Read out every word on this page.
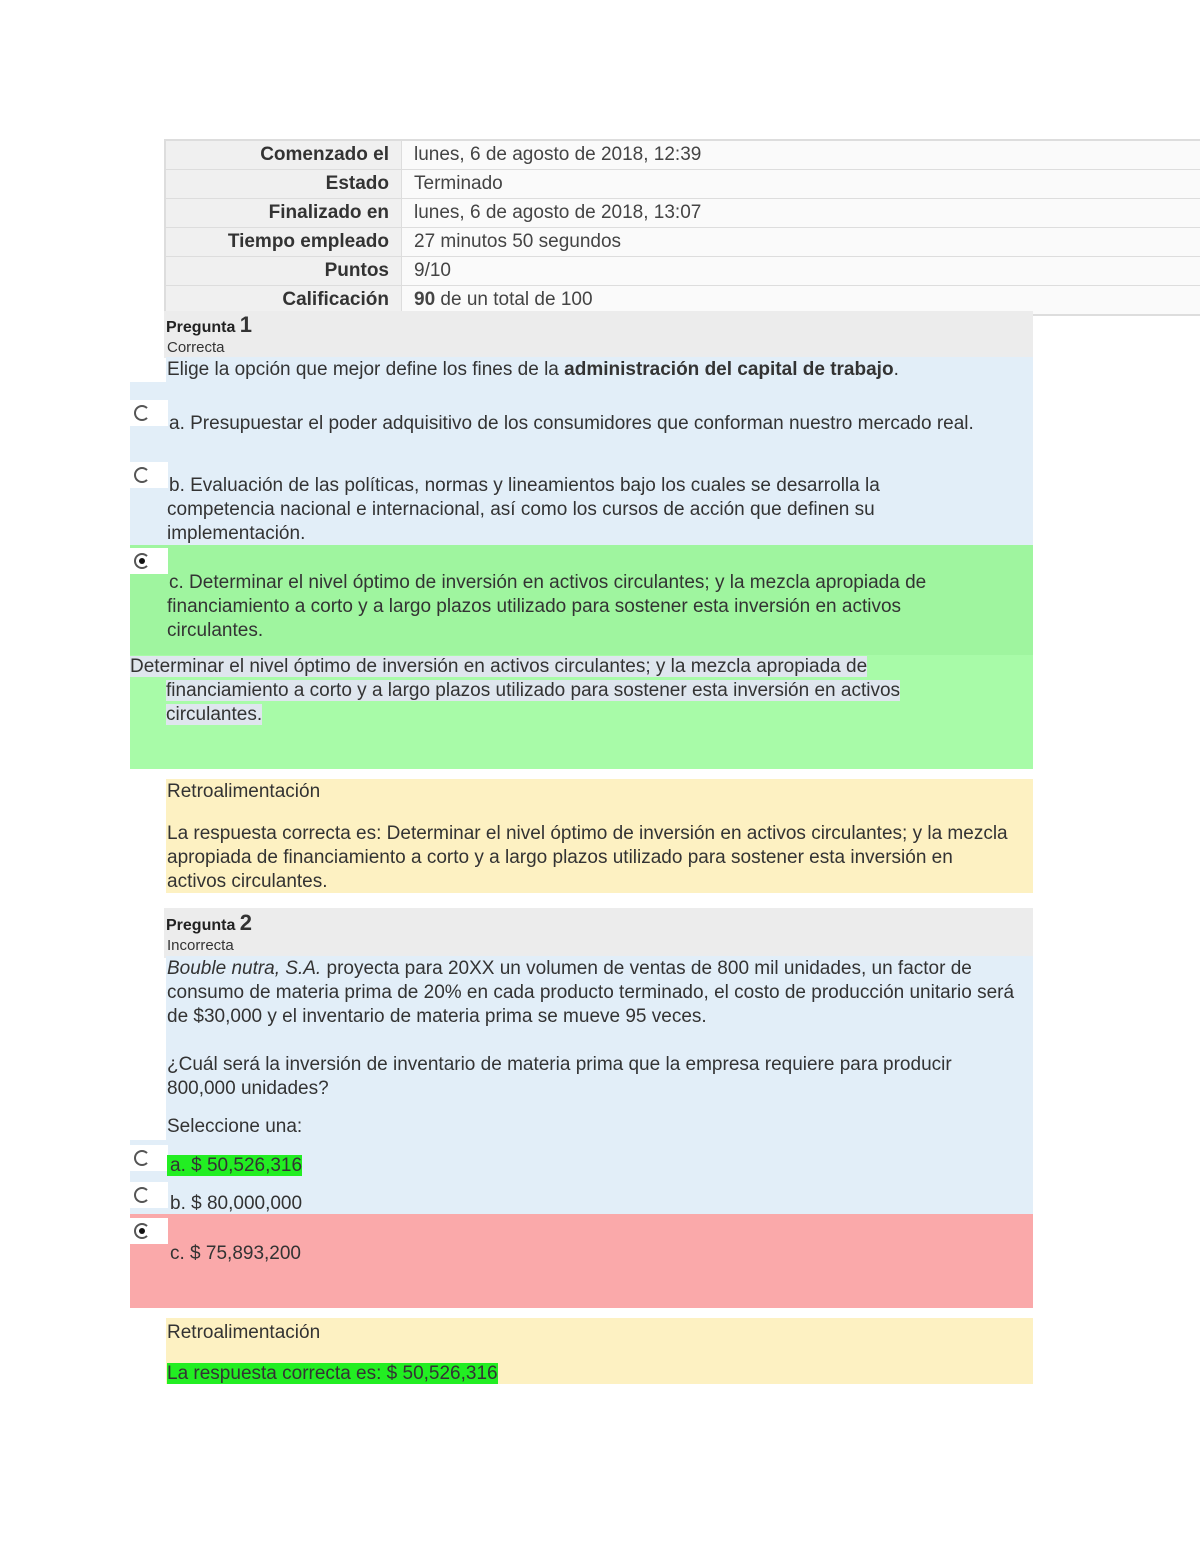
Comenzado el	lunes, 6 de agosto de 2018, 12:39
Estado	Terminado
Finalizado en	lunes, 6 de agosto de 2018, 13:07
Tiempo empleado	27 minutos 50 segundos
Puntos	9/10
Calificación	90 de un total de 100
Pregunta 1
Correcta
Elige la opción que mejor define los fines de la administración del capital de trabajo.
a. Presupuestar el poder adquisitivo de los consumidores que conforman nuestro mercado real.
b. Evaluación de las políticas, normas y lineamientos bajo los cuales se desarrolla la competencia nacional e internacional, así como los cursos de acción que definen su implementación.
c. Determinar el nivel óptimo de inversión en activos circulantes; y la mezcla apropiada de financiamiento a corto y a largo plazos utilizado para sostener esta inversión en activos circulantes.
Determinar el nivel óptimo de inversión en activos circulantes; y la mezcla apropiada de
financiamiento a corto y a largo plazos utilizado para sostener esta inversión en activos
circulantes.
Retroalimentación
La respuesta correcta es: Determinar el nivel óptimo de inversión en activos circulantes; y la mezcla apropiada de financiamiento a corto y a largo plazos utilizado para sostener esta inversión en activos circulantes.
Pregunta 2
Incorrecta
Bouble nutra, S.A. proyecta para 20XX un volumen de ventas de 800 mil unidades, un factor de consumo de materia prima de 20% en cada producto terminado, el costo de producción unitario será de $30,000 y el inventario de materia prima se mueve 95 veces.
¿Cuál será la inversión de inventario de materia prima que la empresa requiere para producir 800,000 unidades?
Seleccione una:
a. $ 50,526,316
b. $ 80,000,000
c. $ 75,893,200
Retroalimentación
La respuesta correcta es: $ 50,526,316
